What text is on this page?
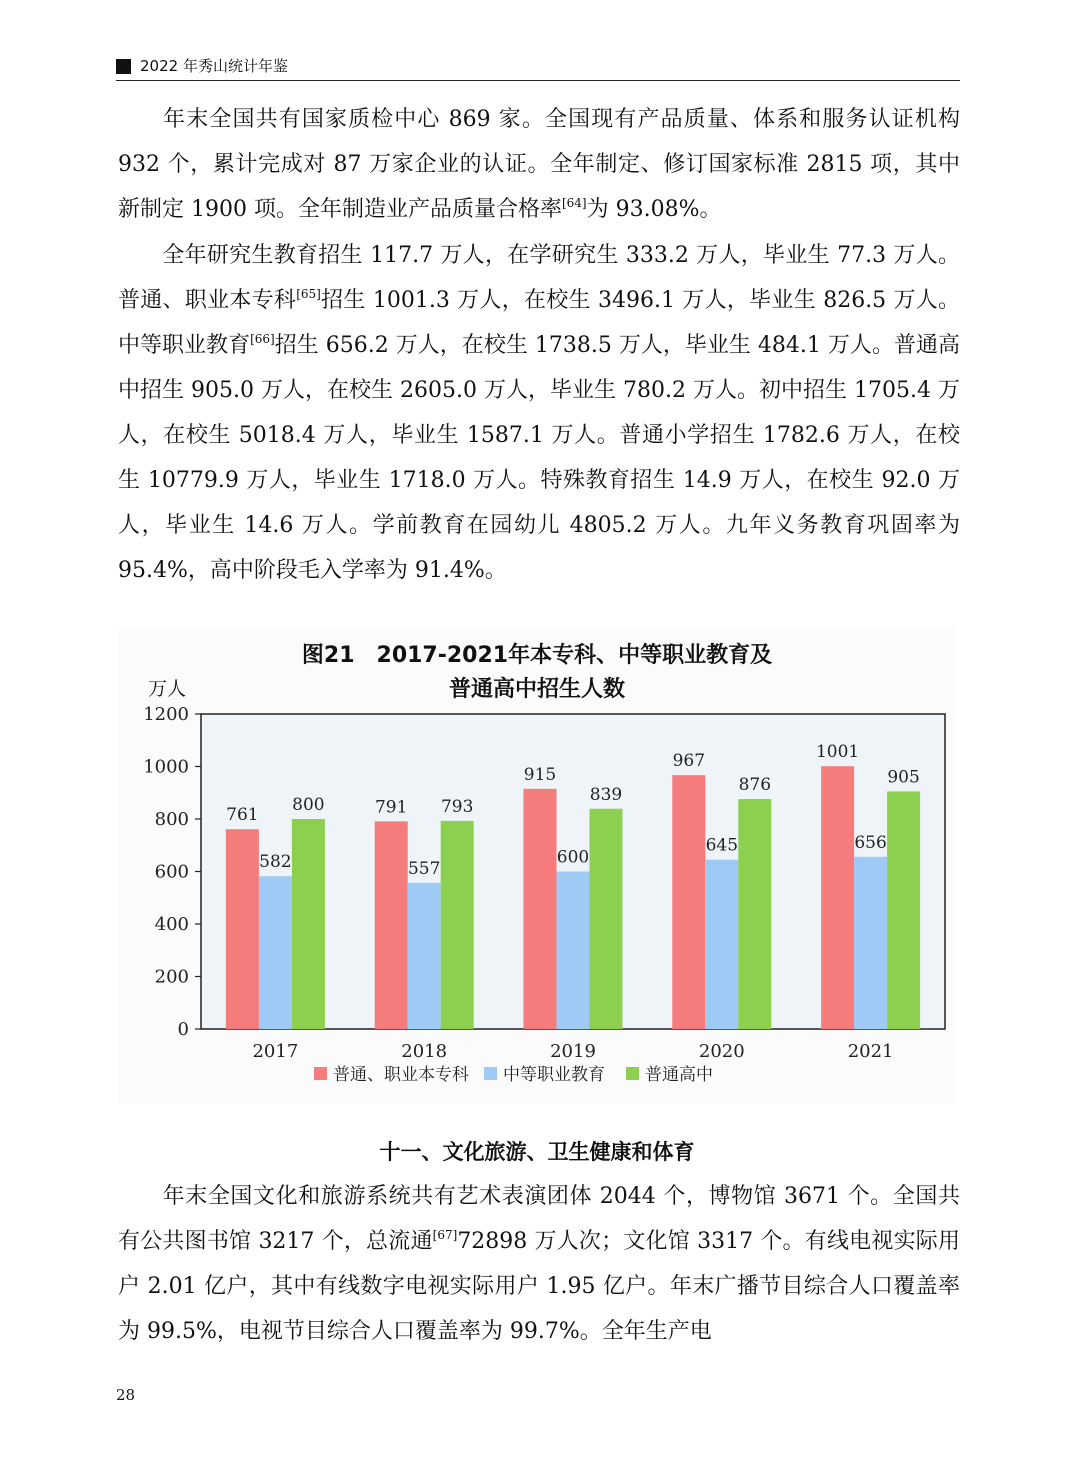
2022 年秀山统计年鉴

年末全国共有国家质检中心 869 家。全国现有产品质量、体系和服务认证机构 932 个，累计完成对 87 万家企业的认证。全年制定、修订国家标准 2815 项，其中新制定 1900 项。全年制造业产品质量合格率[64]为 93.08%。

全年研究生教育招生 117.7 万人，在学研究生 333.2 万人，毕业生 77.3 万人。普通、职业本专科[65]招生 1001.3 万人，在校生 3496.1 万人，毕业生 826.5 万人。中等职业教育[66]招生 656.2 万人，在校生 1738.5 万人，毕业生 484.1 万人。普通高中招生 905.0 万人，在校生 2605.0 万人，毕业生 780.2 万人。初中招生 1705.4 万人，在校生 5018.4 万人，毕业生 1587.1 万人。普通小学招生 1782.6 万人，在校生 10779.9 万人，毕业生 1718.0 万人。特殊教育招生 14.9 万人，在校生 92.0 万人，毕业生 14.6 万人。学前教育在园幼儿 4805.2 万人。九年义务教育巩固率为 95.4%，高中阶段毛入学率为 91.4%。

图21　2017-2021年本专科、中等职业教育及
普通高中招生人数
万人
0
200
400
600
800
1000
1200
2017
761
582
800
2018
791
557
793
2019
915
600
839
2020
967
645
876
2021
1001
656
905
普通、职业本专科 中等职业教育 普通高中
十一、文化旅游、卫生健康和体育

年末全国文化和旅游系统共有艺术表演团体 2044 个，博物馆 3671 个。全国共有公共图书馆 3217 个，总流通[67]72898 万人次；文化馆 3317 个。有线电视实际用户 2.01 亿户，其中有线数字电视实际用户 1.95 亿户。年末广播节目综合人口覆盖率为 99.5%，电视节目综合人口覆盖率为 99.7%。全年生产电

28
